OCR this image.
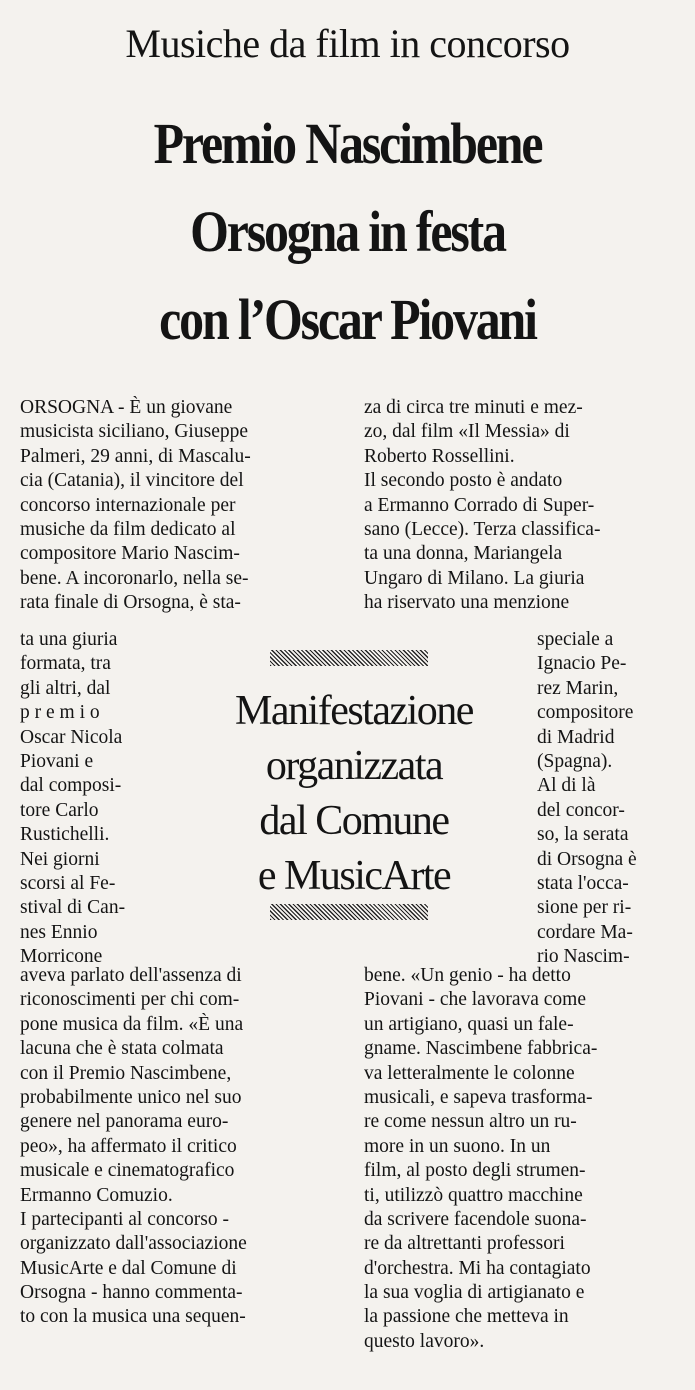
Musiche da film in concorso
Premio Nascimbene
Orsogna in festa
con l’Oscar Piovani
ORSOGNA - È un giovane
musicista siciliano, Giuseppe
Palmeri, 29 anni, di Mascalu-
cia (Catania), il vincitore del
concorso internazionale per
musiche da film dedicato al
compositore Mario Nascim-
bene. A incoronarlo, nella se-
rata finale di Orsogna, è sta-
za di circa tre minuti e mez-
zo, dal film «Il Messia» di
Roberto Rossellini.
Il secondo posto è andato
a Ermanno Corrado di Super-
sano (Lecce). Terza classifica-
ta una donna, Mariangela
Ungaro di Milano. La giuria
ha riservato una menzione
ta una giuria
formata, tra
gli altri, dal
p r e m i o
Oscar Nicola
Piovani e
dal composi-
tore Carlo
Rustichelli.
Nei giorni
scorsi al Fe-
stival di Can-
nes Ennio
Morricone
speciale a
Ignacio Pe-
rez Marin,
compositore
di Madrid
(Spagna).
Al di là
del concor-
so, la serata
di Orsogna è
stata l'occa-
sione per ri-
cordare Ma-
rio Nascim-
aveva parlato dell'assenza di
riconoscimenti per chi com-
pone musica da film. «È una
lacuna che è stata colmata
con il Premio Nascimbene,
probabilmente unico nel suo
genere nel panorama euro-
peo», ha affermato il critico
musicale e cinematografico
Ermanno Comuzio.
I partecipanti al concorso -
organizzato dall'associazione
MusicArte e dal Comune di
Orsogna - hanno commenta-
to con la musica una sequen-
bene. «Un genio - ha detto
Piovani - che lavorava come
un artigiano, quasi un fale-
gname. Nascimbene fabbrica-
va letteralmente le colonne
musicali, e sapeva trasforma-
re come nessun altro un ru-
more in un suono. In un
film, al posto degli strumen-
ti, utilizzò quattro macchine
da scrivere facendole suona-
re da altrettanti professori
d'orchestra. Mi ha contagiato
la sua voglia di artigianato e
la passione che metteva in
questo lavoro».
Manifestazione
organizzata
dal Comune
e MusicArte
